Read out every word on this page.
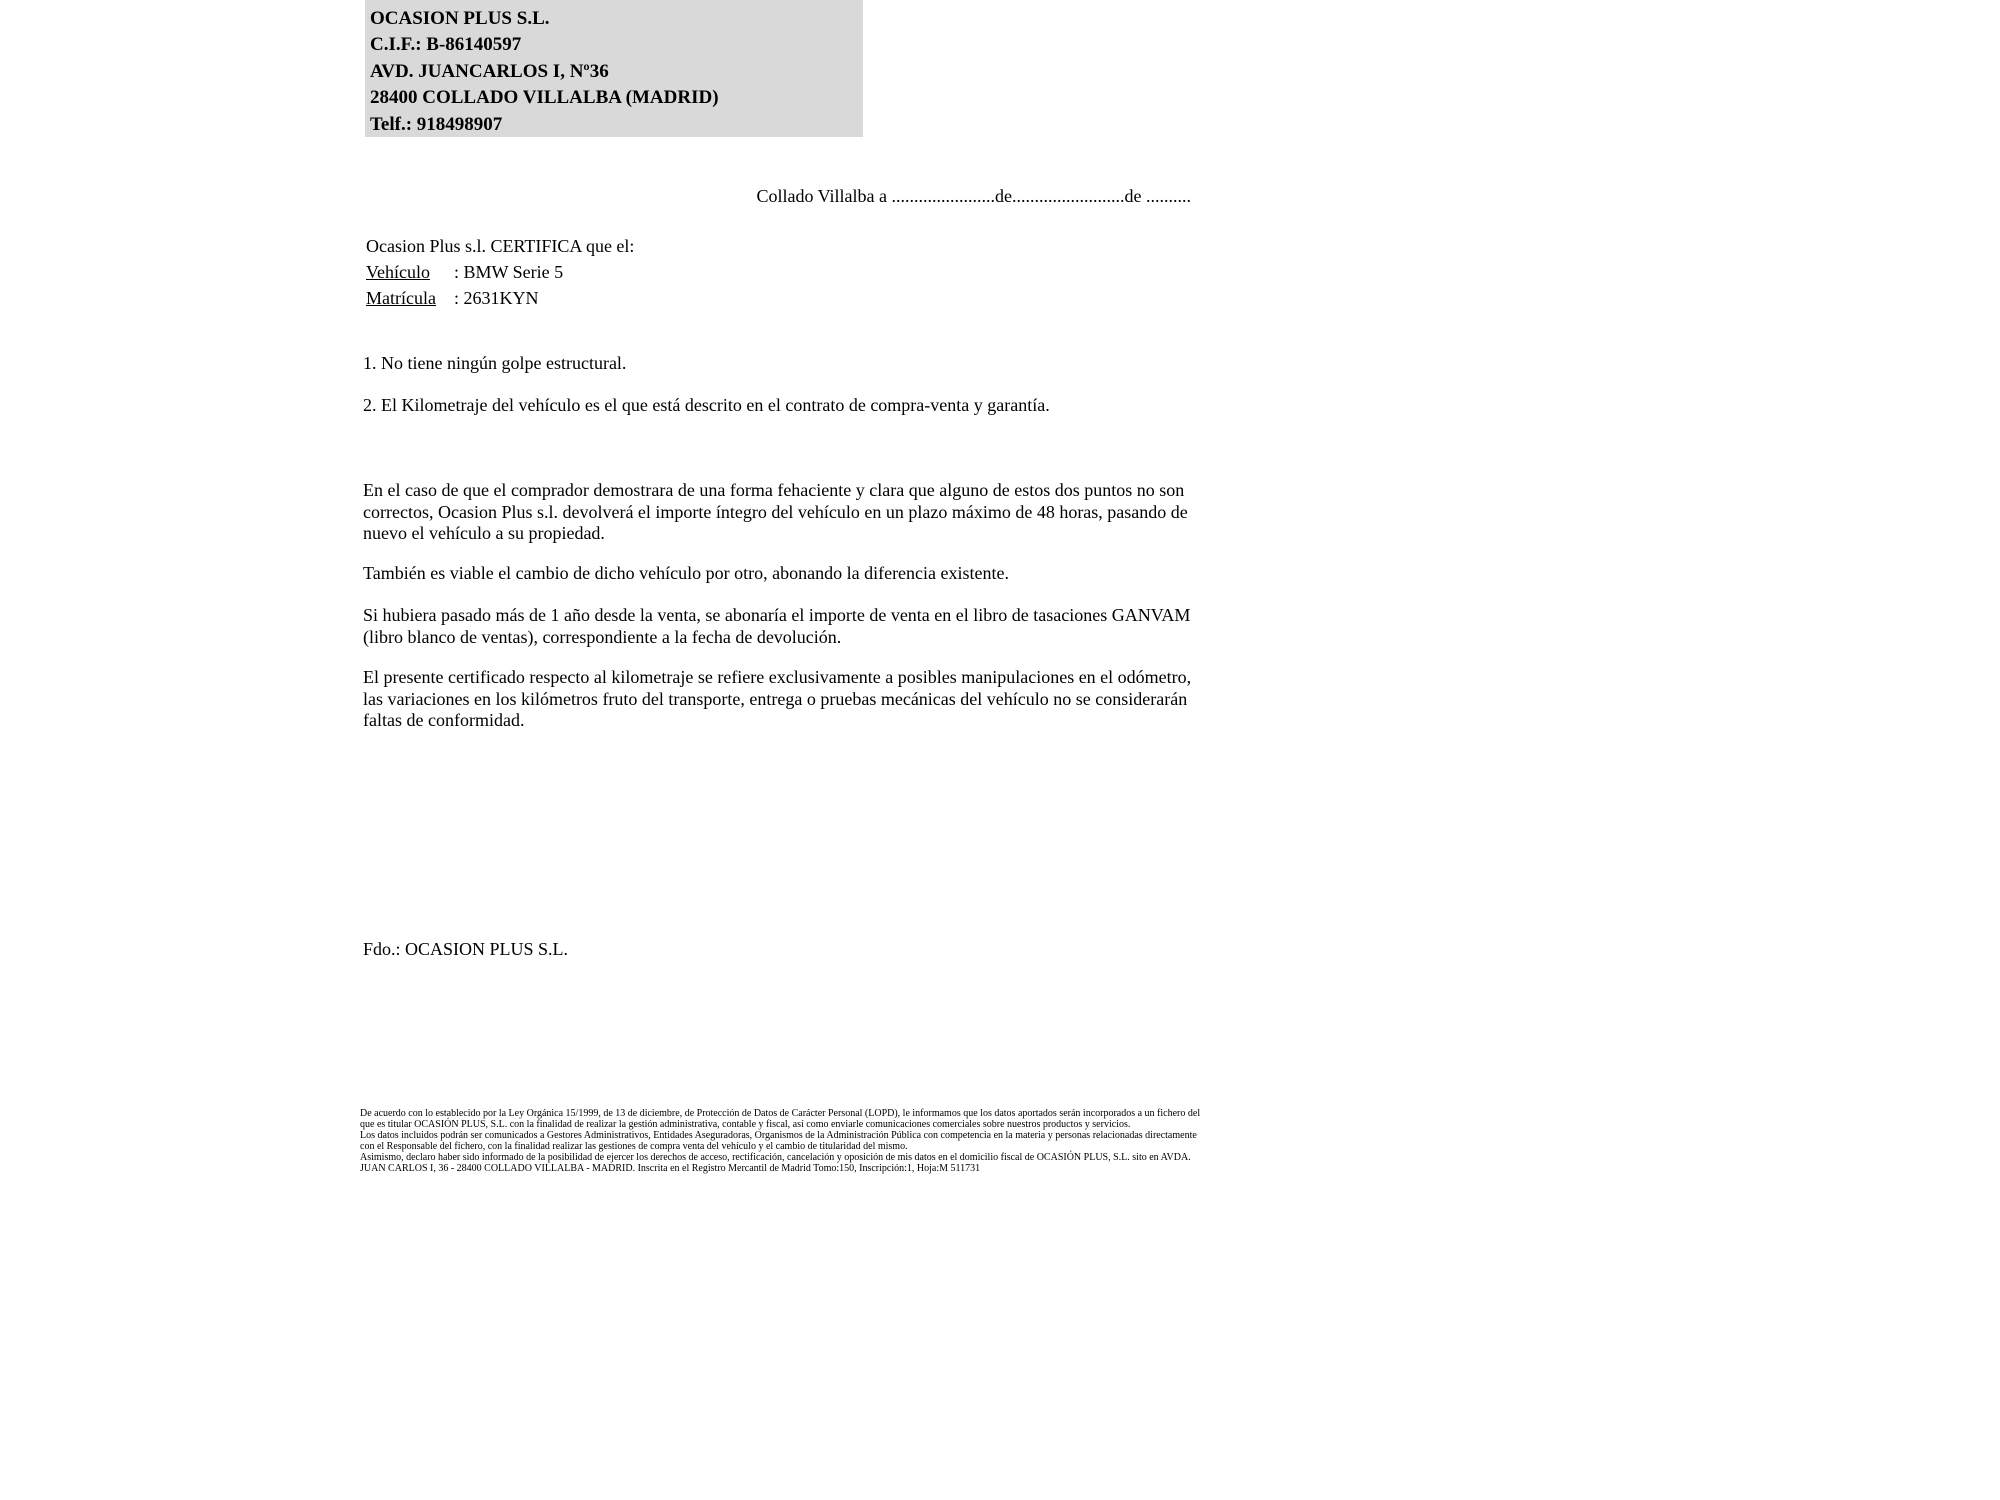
OCASION PLUS S.L.
C.I.F.: B-86140597
AVD. JUANCARLOS I, Nº36
28400 COLLADO VILLALBA (MADRID)
Telf.: 918498907
Collado Villalba a .......................de.........................de ..........
Ocasion Plus s.l. CERTIFICA que el:
Vehículo : BMW Serie 5
Matrícula : 2631KYN

1. No tiene ningún golpe estructural.

2. El Kilometraje del vehículo es el que está descrito en el contrato de compra-venta y garantía.

En el caso de que el comprador demostrara de una forma fehaciente y clara que alguno de estos dos puntos no son correctos, Ocasion Plus s.l. devolverá el importe íntegro del vehículo en un plazo máximo de 48 horas, pasando de nuevo el vehículo a su propiedad.

También es viable el cambio de dicho vehículo por otro, abonando la diferencia existente.

Si hubiera pasado más de 1 año desde la venta, se abonaría el importe de venta en el libro de tasaciones GANVAM (libro blanco de ventas), correspondiente a la fecha de devolución.

El presente certificado respecto al kilometraje se refiere exclusivamente a posibles manipulaciones en el odómetro, las variaciones en los kilómetros fruto del transporte, entrega o pruebas mecánicas del vehículo no se considerarán faltas de conformidad.

Fdo.: OCASION PLUS S.L.

De acuerdo con lo establecido por la Ley Orgánica 15/1999, de 13 de diciembre, de Protección de Datos de Carácter Personal (LOPD), le informamos que los datos aportados serán incorporados a un fichero del que es titular OCASIÓN PLUS, S.L. con la finalidad de realizar la gestión administrativa, contable y fiscal, así como enviarle comunicaciones comerciales sobre nuestros productos y servicios.

Los datos incluidos podrán ser comunicados a Gestores Administrativos, Entidades Aseguradoras, Organismos de la Administración Pública con competencia en la materia y personas relacionadas directamente con el Responsable del fichero, con la finalidad realizar las gestiones de compra venta del vehículo y el cambio de titularidad del mismo.

Asimismo, declaro haber sido informado de la posibilidad de ejercer los derechos de acceso, rectificación, cancelación y oposición de mis datos en el domicilio fiscal de OCASIÓN PLUS, S.L. sito en AVDA. JUAN CARLOS I, 36 - 28400 COLLADO VILLALBA - MADRID. Inscrita en el Registro Mercantil de Madrid Tomo:150, Inscripción:1, Hoja:M 511731
